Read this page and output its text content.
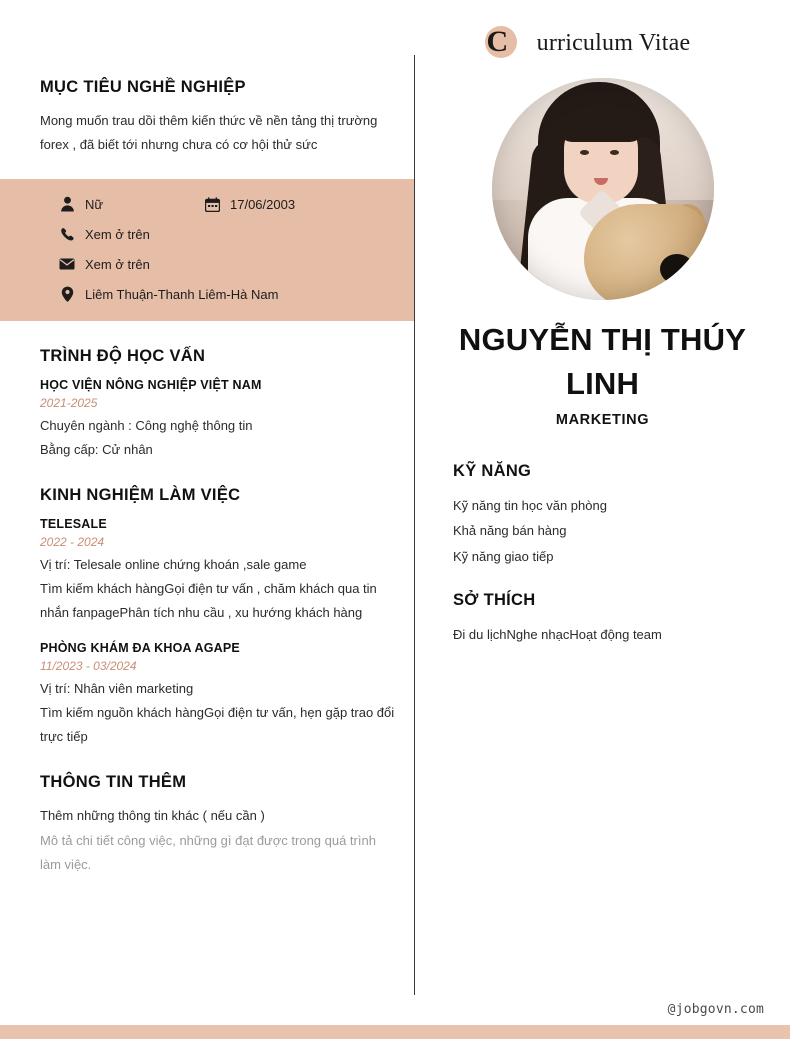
MỤC TIÊU NGHỀ NGHIỆP

Mong muốn trau dồi thêm kiến thức về nền tảng thị trường forex , đã biết tới nhưng chưa có cơ hội thử sức

Nữ	17/06/2003
Xem ở trên
Xem ở trên
Liêm Thuận-Thanh Liêm-Hà Nam
TRÌNH ĐỘ HỌC VẤN

HỌC VIỆN NÔNG NGHIỆP VIỆT NAM

2021-2025

Chuyên ngành : Công nghệ thông tin

Bằng cấp: Cử nhân

KINH NGHIỆM LÀM VIỆC

TELESALE

2022 - 2024

Vị trí: Telesale online chứng khoán ,sale game

Tìm kiếm khách hàngGọi điện tư vấn , chăm khách qua tin nhắn fanpagePhân tích nhu cầu , xu hướng khách hàng

PHÒNG KHÁM ĐA KHOA AGAPE

11/2023 - 03/2024

Vị trí: Nhân viên marketing

Tìm kiếm nguồn khách hàngGọi điện tư vấn, hẹn gặp trao đổi trực tiếp

THÔNG TIN THÊM

Thêm những thông tin khác ( nếu cần )

Mô tả chi tiết công việc, những gì đạt được trong quá trình làm việc.

C	urriculum Vitae
NGUYỄN THỊ THÚY LINH

MARKETING

KỸ NĂNG

Kỹ năng tin học văn phòng

Khả năng bán hàng

Kỹ năng giao tiếp

SỞ THÍCH

Đi du lịchNghe nhạcHoạt động team

@jobgovn.com
